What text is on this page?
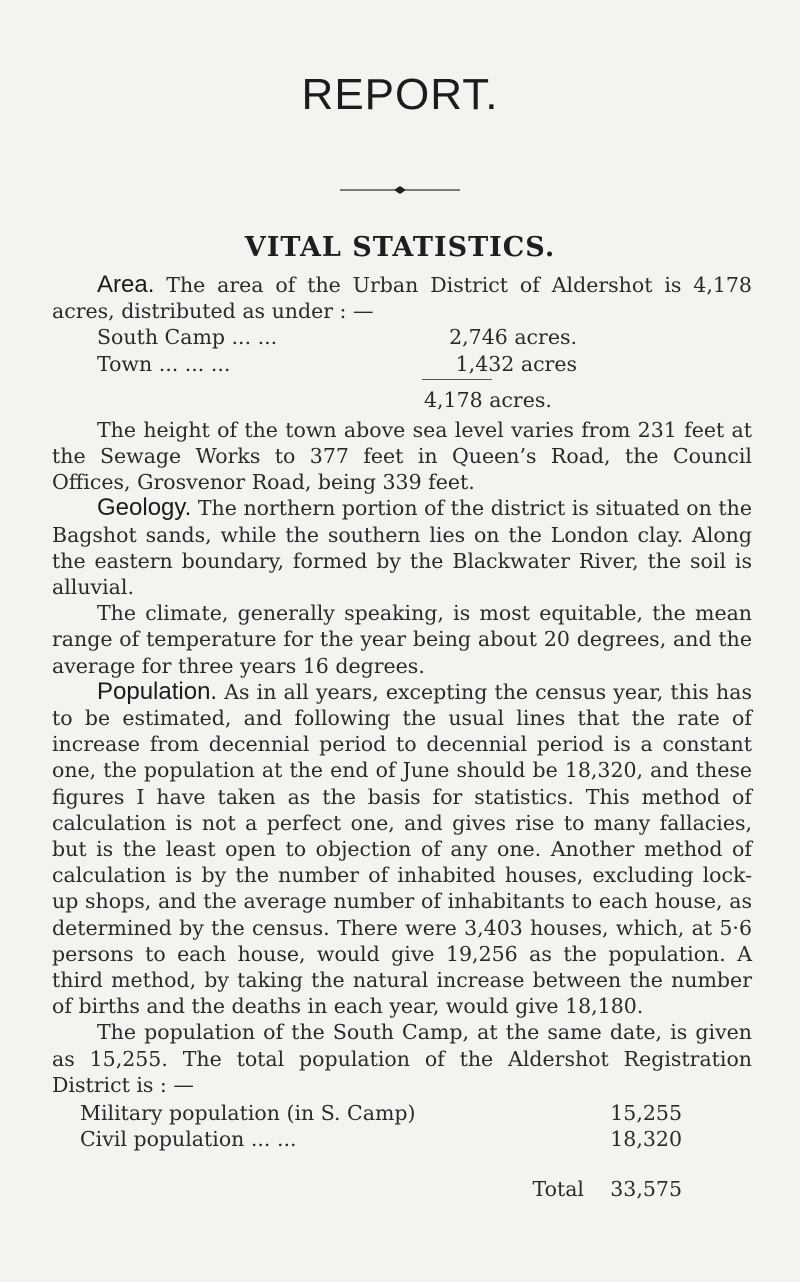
REPORT.
VITAL STATISTICS.

Area. The area of the Urban District of Aldershot is 4,178 acres, distributed as under : —

South Camp ... ...	2,746 acres.
Town ... ... ...	1,432 acres
4,178 acres.

The height of the town above sea level varies from 231 feet at the Sewage Works to 377 feet in Queen’s Road, the Council Offices, Grosvenor Road, being 339 feet.

Geology. The northern portion of the district is situated on the Bagshot sands, while the southern lies on the London clay. Along the eastern boundary, formed by the Blackwater River, the soil is alluvial.

The climate, generally speaking, is most equitable, the mean range of temperature for the year being about 20 degrees, and the average for three years 16 degrees.

Population. As in all years, excepting the census year, this has to be estimated, and following the usual lines that the rate of increase from decennial period to decennial period is a constant one, the population at the end of June should be 18,320, and these figures I have taken as the basis for statistics. This method of calculation is not a perfect one, and gives rise to many fallacies, but is the least open to objection of any one. Another method of calculation is by the number of inhabited houses, excluding lock-up shops, and the average number of inhabitants to each house, as determined by the census. There were 3,403 houses, which, at 5·6 persons to each house, would give 19,256 as the population. A third method, by taking the natural increase between the number of births and the deaths in each year, would give 18,180.

The population of the South Camp, at the same date, is given as 15,255. The total population of the Aldershot Registration District is : —

Military population (in S. Camp)	15,255
Civil population ... ...	18,320
Total	33,575
